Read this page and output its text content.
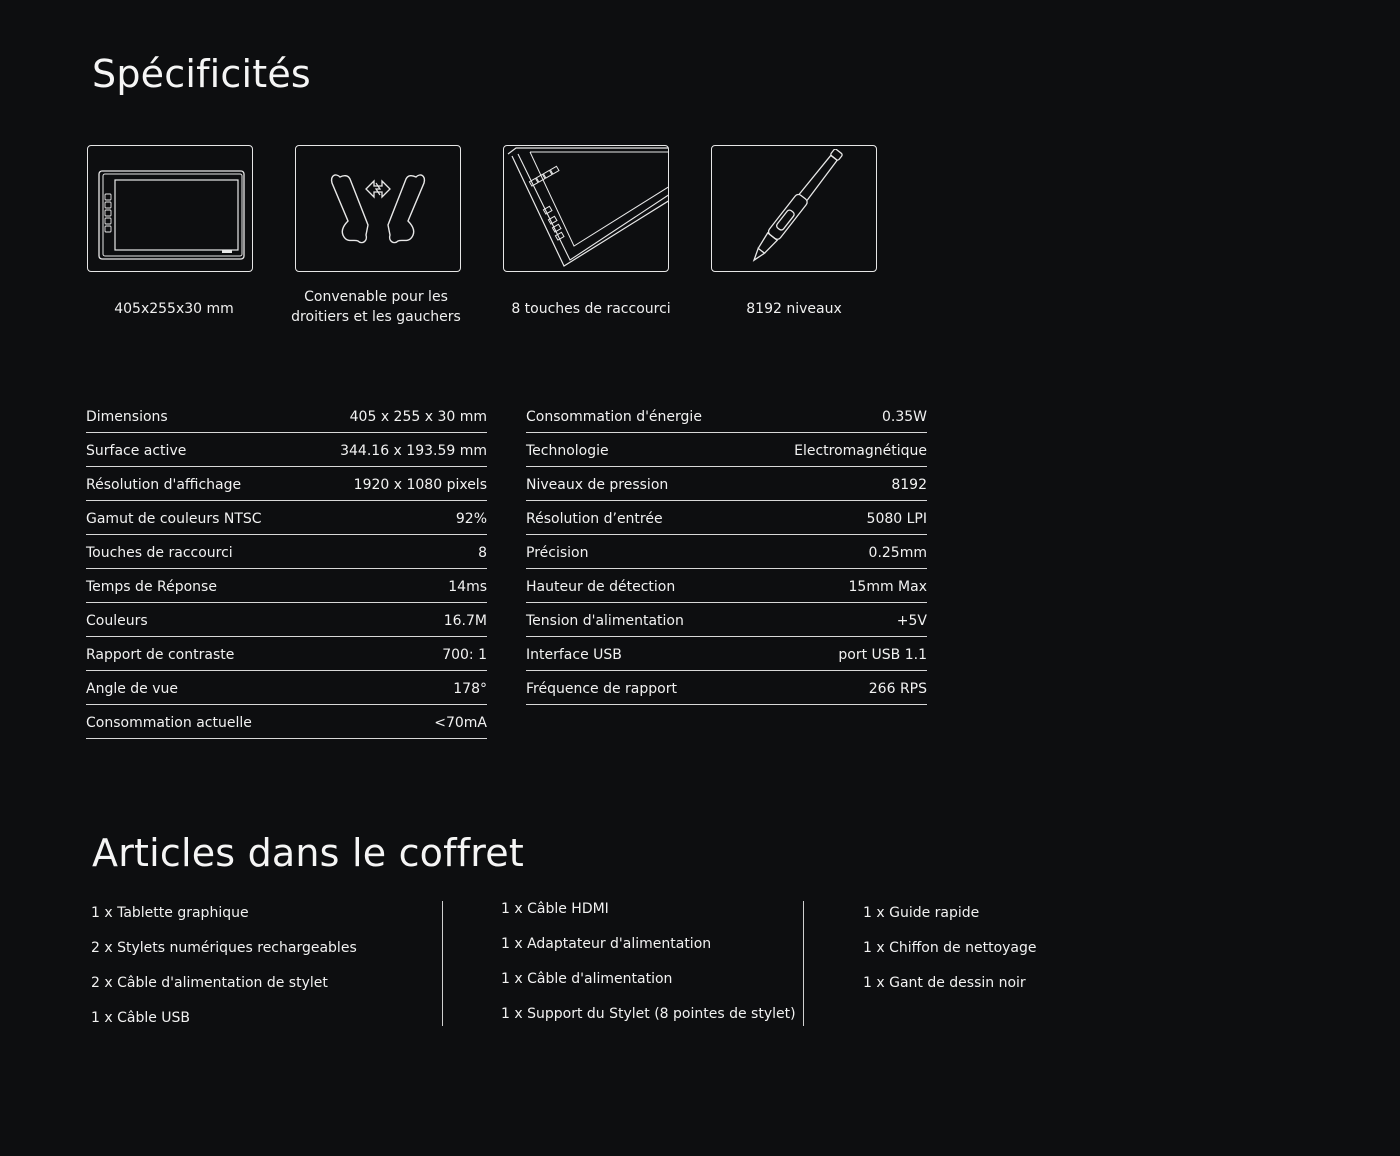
Spécificités
405x255x30 mm
Convenable pour les
droitiers et les gauchers	8 touches de raccourci	8192 niveaux
Dimensions	405 x 255 x 30 mm
Surface active	344.16 x 193.59 mm
Résolution d'affichage	1920 x 1080 pixels
Gamut de couleurs NTSC	92%
Touches de raccourci	8
Temps de Réponse	14ms
Couleurs	16.7M
Rapport de contraste	700: 1
Angle de vue	178°
Consommation actuelle	<70mA
Consommation d'énergie	0.35W
Technologie	Electromagnétique
Niveaux de pression	8192
Résolution d’entrée	5080 LPI
Précision	0.25mm
Hauteur de détection	15mm Max
Tension d'alimentation	+5V
Interface USB	port USB 1.1
Fréquence de rapport	266 RPS
Articles dans le coffret
1 x Tablette graphique
2 x Stylets numériques rechargeables
2 x Câble d'alimentation de stylet
1 x Câble USB
1 x Câble HDMI
1 x Adaptateur d'alimentation
1 x Câble d'alimentation
1 x Support du Stylet (8 pointes de stylet)
1 x Guide rapide
1 x Chiffon de nettoyage
1 x Gant de dessin noir
